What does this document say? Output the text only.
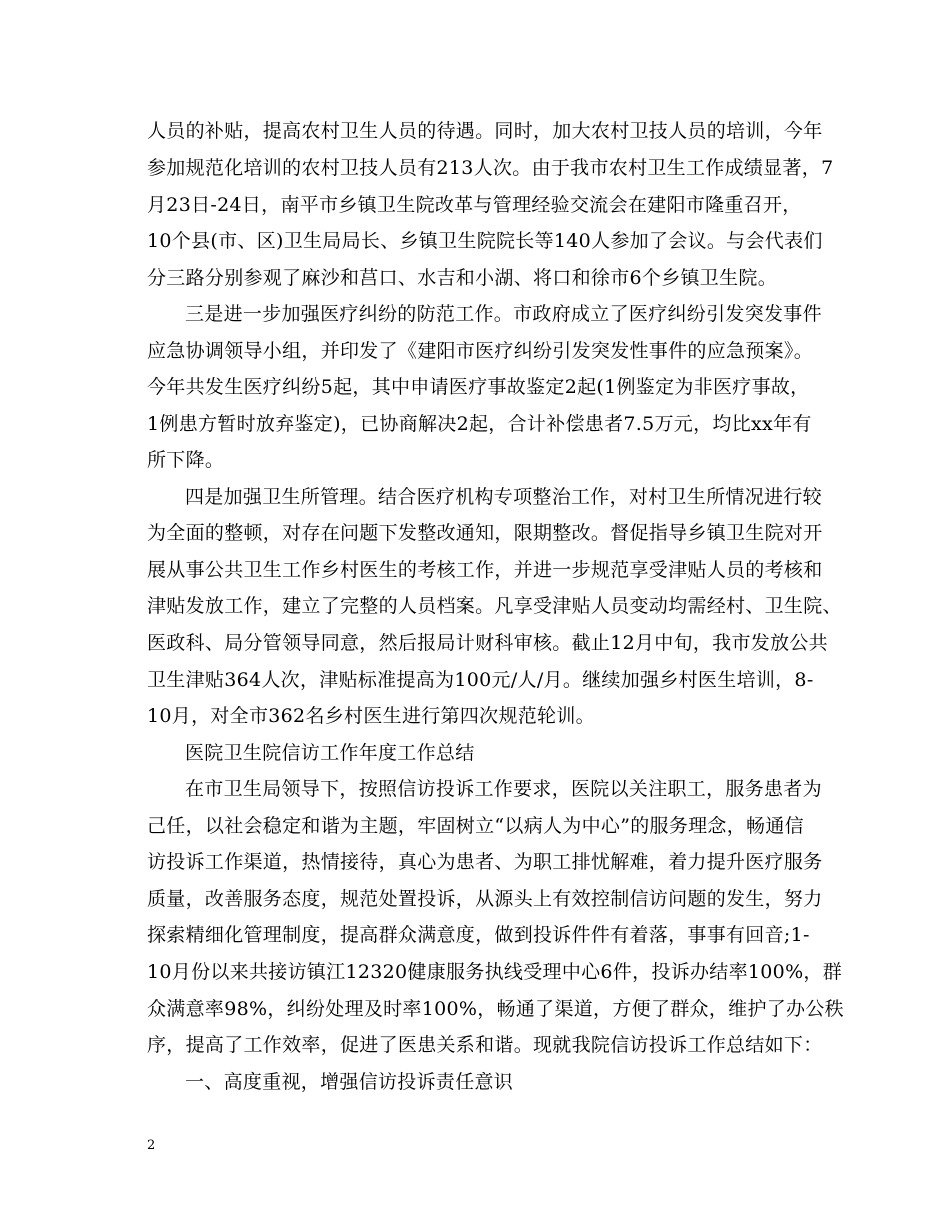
人员的补贴，提高农村卫生人员的待遇。同时，加大农村卫技人员的培训，今年
参加规范化培训的农村卫技人员有213人次。由于我市农村卫生工作成绩显著，7
月23日-24日，南平市乡镇卫生院改革与管理经验交流会在建阳市隆重召开，
10个县(市、区)卫生局局长、乡镇卫生院院长等140人参加了会议。与会代表们
分三路分别参观了麻沙和莒口、水吉和小湖、将口和徐市6个乡镇卫生院。
三是进一步加强医疗纠纷的防范工作。市政府成立了医疗纠纷引发突发事件
应急协调领导小组，并印发了《建阳市医疗纠纷引发突发性事件的应急预案》。
今年共发生医疗纠纷5起，其中申请医疗事故鉴定2起(1例鉴定为非医疗事故，
1例患方暂时放弃鉴定)，已协商解决2起，合计补偿患者7.5万元，均比xx年有
所下降。
四是加强卫生所管理。结合医疗机构专项整治工作，对村卫生所情况进行较
为全面的整顿，对存在问题下发整改通知，限期整改。督促指导乡镇卫生院对开
展从事公共卫生工作乡村医生的考核工作，并进一步规范享受津贴人员的考核和
津贴发放工作，建立了完整的人员档案。凡享受津贴人员变动均需经村、卫生院、
医政科、局分管领导同意，然后报局计财科审核。截止12月中旬，我市发放公共
卫生津贴364人次，津贴标准提高为100元/人/月。继续加强乡村医生培训，8-
10月，对全市362名乡村医生进行第四次规范轮训。
医院卫生院信访工作年度工作总结
在市卫生局领导下，按照信访投诉工作要求，医院以关注职工，服务患者为
己任，以社会稳定和谐为主题，牢固树立“以病人为中心”的服务理念，畅通信
访投诉工作渠道，热情接待，真心为患者、为职工排忧解难，着力提升医疗服务
质量，改善服务态度，规范处置投诉，从源头上有效控制信访问题的发生，努力
探索精细化管理制度，提高群众满意度，做到投诉件件有着落，事事有回音;1-
10月份以来共接访镇江12320健康服务执线受理中心6件，投诉办结率100%，群
众满意率98%，纠纷处理及时率100%，畅通了渠道，方便了群众，维护了办公秩
序，提高了工作效率，促进了医患关系和谐。现就我院信访投诉工作总结如下：
一、高度重视，增强信访投诉责任意识
2
